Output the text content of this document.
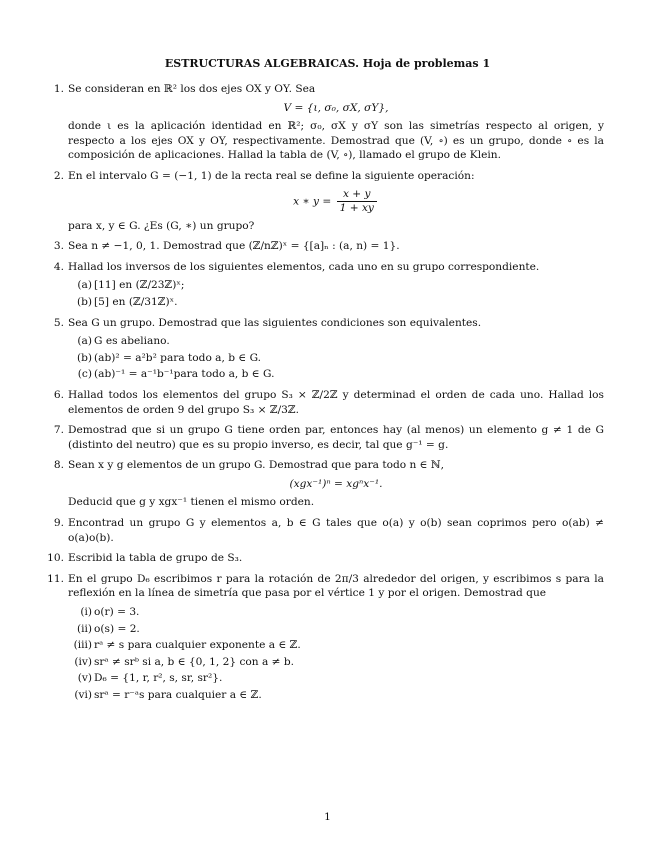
ESTRUCTURAS ALGEBRAICAS. Hoja de problemas 1
1. Se consideran en ℝ² los dos ejes OX y OY. Sea

V = {ι, σ₀, σX, σY},

donde ι es la aplicación identidad en ℝ²; σ₀, σX y σY son las simetrías respecto al origen, y respecto a los ejes OX y OY, respectivamente. Demostrad que (V, ∘) es un grupo, donde ∘ es la composición de aplicaciones. Hallad la tabla de (V, ∘), llamado el grupo de Klein.

2. En el intervalo G = (−1, 1) de la recta real se define la siguiente operación:

x ∗ $y = \frac{x + y}{1 + xy}$

para x, y ∈ G. ¿Es (G, ∗) un grupo?

3. Sea n ≠ −1, 0, 1. Demostrad que (ℤ/nℤ)ˣ = {[a]ₙ : (a, n) = 1}.

4. Hallad los inversos de los siguientes elementos, cada uno en su grupo correspondiente.

(a) [11] en (ℤ/23ℤ)ˣ;
(b) [5] en (ℤ/31ℤ)ˣ.
5. Sea G un grupo. Demostrad que las siguientes condiciones son equivalentes.

(a) G es abeliano.
(b) (ab)² = a²b² para todo a, b ∈ G.
(c) (ab)⁻¹ = a⁻¹b⁻¹para todo a, b ∈ G.
6. Hallad todos los elementos del grupo S₃ × ℤ/2ℤ y determinad el orden de cada uno. Hallad los elementos de orden 9 del grupo S₃ × ℤ/3ℤ.

7. Demostrad que si un grupo G tiene orden par, entonces hay (al menos) un elemento g ≠ 1 de G (distinto del neutro) que es su propio inverso, es decir, tal que g⁻¹ = g.

8. Sean x y g elementos de un grupo G. Demostrad que para todo n ∈ ℕ,

(xgx⁻¹)ⁿ = xgⁿx⁻¹.

Deducid que g y xgx⁻¹ tienen el mismo orden.

9. Encontrad un grupo G y elementos a, b ∈ G tales que o(a) y o(b) sean coprimos pero o(ab) ≠ o(a)o(b).

10. Escribid la tabla de grupo de S₃.

11. En el grupo D₆ escribimos r para la rotación de 2π/3 alrededor del origen, y escribimos s para la reflexión en la línea de simetría que pasa por el vértice 1 y por el origen. Demostrad que

(i) o(r) = 3.
(ii) o(s) = 2.
(iii) rᵃ ≠ s para cualquier exponente a ∈ ℤ.
(iv) srᵃ ≠ srᵇ si a, b ∈ {0, 1, 2} con a ≠ b.
(v) D₆ = {1, r, r², s, sr, sr²}.
(vi) srᵃ = r⁻ᵃs para cualquier a ∈ ℤ.
1
